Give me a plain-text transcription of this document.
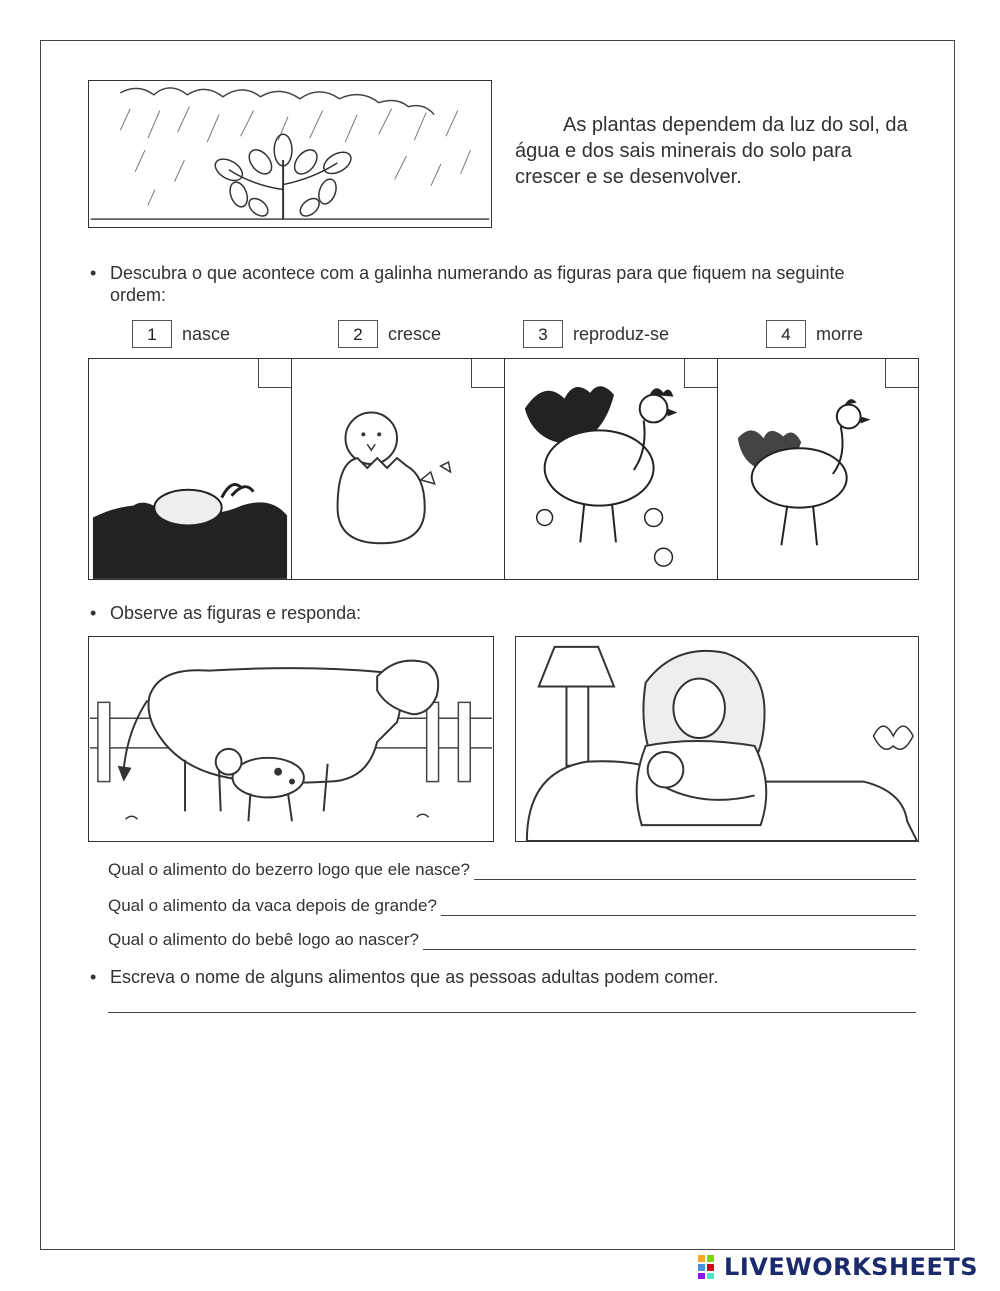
As plantas dependem da luz do sol, da água e dos sais minerais do solo para crescer e se desenvolver.

• Descubra o que acontece com a galinha numerando as figuras para que fiquem na seguinte ordem:
1	nasce	2	cresce	3	reproduz-se	4	morre
• Observe as figuras e responda:
Qual o alimento do bezerro logo que ele nasce?
Qual o alimento da vaca depois de grande?
Qual o alimento do bebê logo ao nascer?
• Escreva o nome de alguns alimentos que as pessoas adultas podem comer.
LIVEWORKSHEETS
